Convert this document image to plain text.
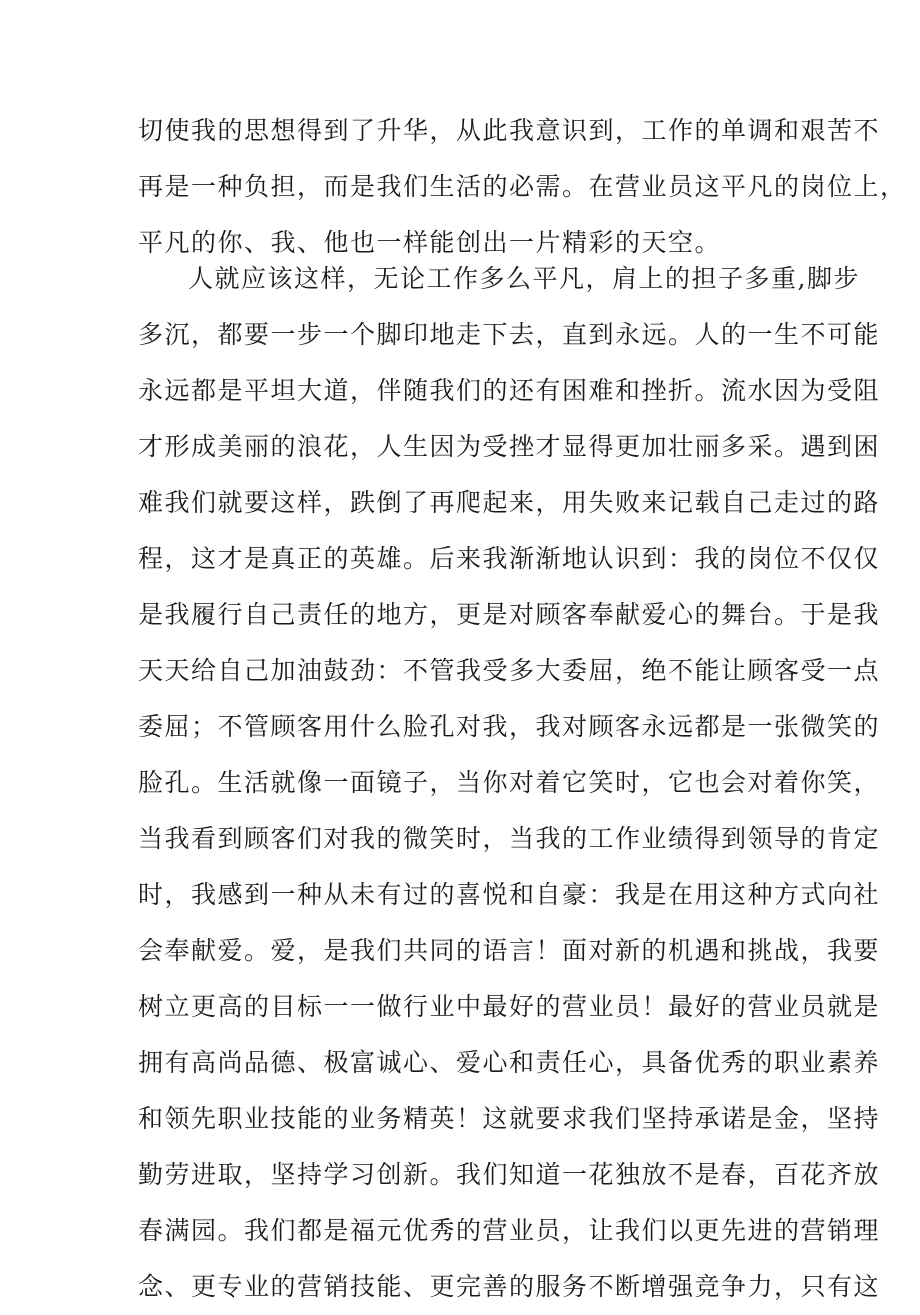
切使我的思想得到了升华，从此我意识到，工作的单调和艰苦不
再是一种负担，而是我们生活的必需。在营业员这平凡的岗位上，
平凡的你、我、他也一样能创出一片精彩的天空。
人就应该这样，无论工作多么平凡，肩上的担子多重,脚步
多沉，都要一步一个脚印地走下去，直到永远。人的一生不可能
永远都是平坦大道，伴随我们的还有困难和挫折。流水因为受阻
才形成美丽的浪花，人生因为受挫才显得更加壮丽多采。遇到困
难我们就要这样，跌倒了再爬起来，用失败来记载自己走过的路
程，这才是真正的英雄。后来我渐渐地认识到：我的岗位不仅仅
是我履行自己责任的地方，更是对顾客奉献爱心的舞台。于是我
天天给自己加油鼓劲：不管我受多大委屈，绝不能让顾客受一点
委屈；不管顾客用什么脸孔对我，我对顾客永远都是一张微笑的
脸孔。生活就像一面镜子，当你对着它笑时，它也会对着你笑，
当我看到顾客们对我的微笑时，当我的工作业绩得到领导的肯定
时，我感到一种从未有过的喜悦和自豪：我是在用这种方式向社
会奉献爱。爱，是我们共同的语言！面对新的机遇和挑战，我要
树立更高的目标一一做行业中最好的营业员！最好的营业员就是
拥有高尚品德、极富诚心、爱心和责任心，具备优秀的职业素养
和领先职业技能的业务精英！这就要求我们坚持承诺是金，坚持
勤劳进取，坚持学习创新。我们知道一花独放不是春，百花齐放
春满园。我们都是福元优秀的营业员，让我们以更先进的营销理
念、更专业的营销技能、更完善的服务不断增强竞争力，只有这
